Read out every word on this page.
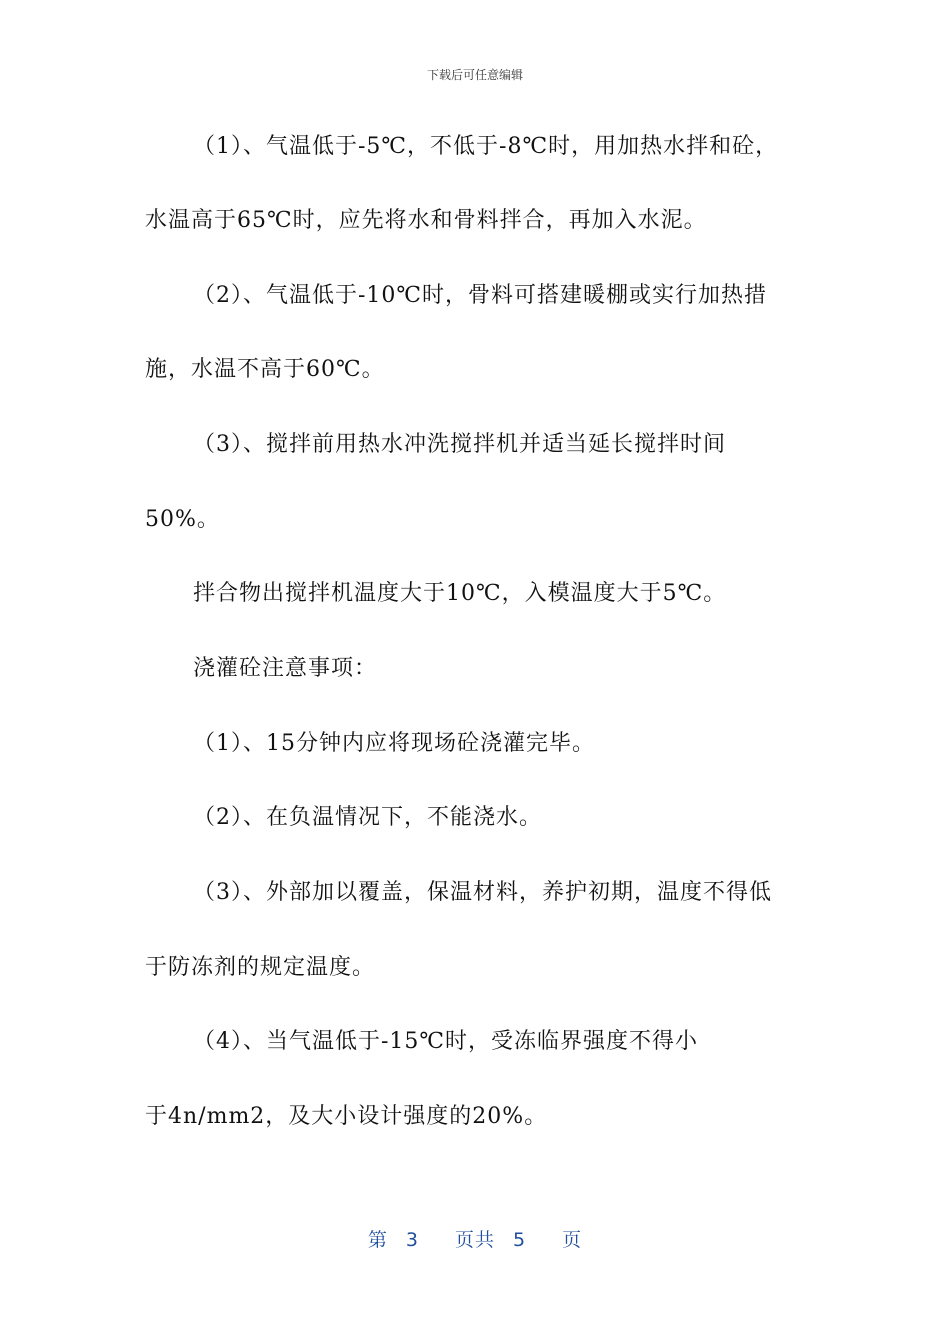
下载后可任意编辑
（1）、气温低于-5℃，不低于-8℃时，用加热水拌和砼，
水温高于65℃时，应先将水和骨料拌合，再加入水泥。
（2）、气温低于-10℃时，骨料可搭建暖棚或实行加热措
施，水温不高于60℃。
（3）、搅拌前用热水冲洗搅拌机并适当延长搅拌时间
50%。
拌合物出搅拌机温度大于10℃，入模温度大于5℃。
浇灌砼注意事项：
（1）、15分钟内应将现场砼浇灌完毕。
（2）、在负温情况下，不能浇水。
（3）、外部加以覆盖，保温材料，养护初期，温度不得低
于防冻剂的规定温度。
（4）、当气温低于-15℃时，受冻临界强度不得小
于4n/mm2，及大小设计强度的20%。
第 3 页共 5 页
